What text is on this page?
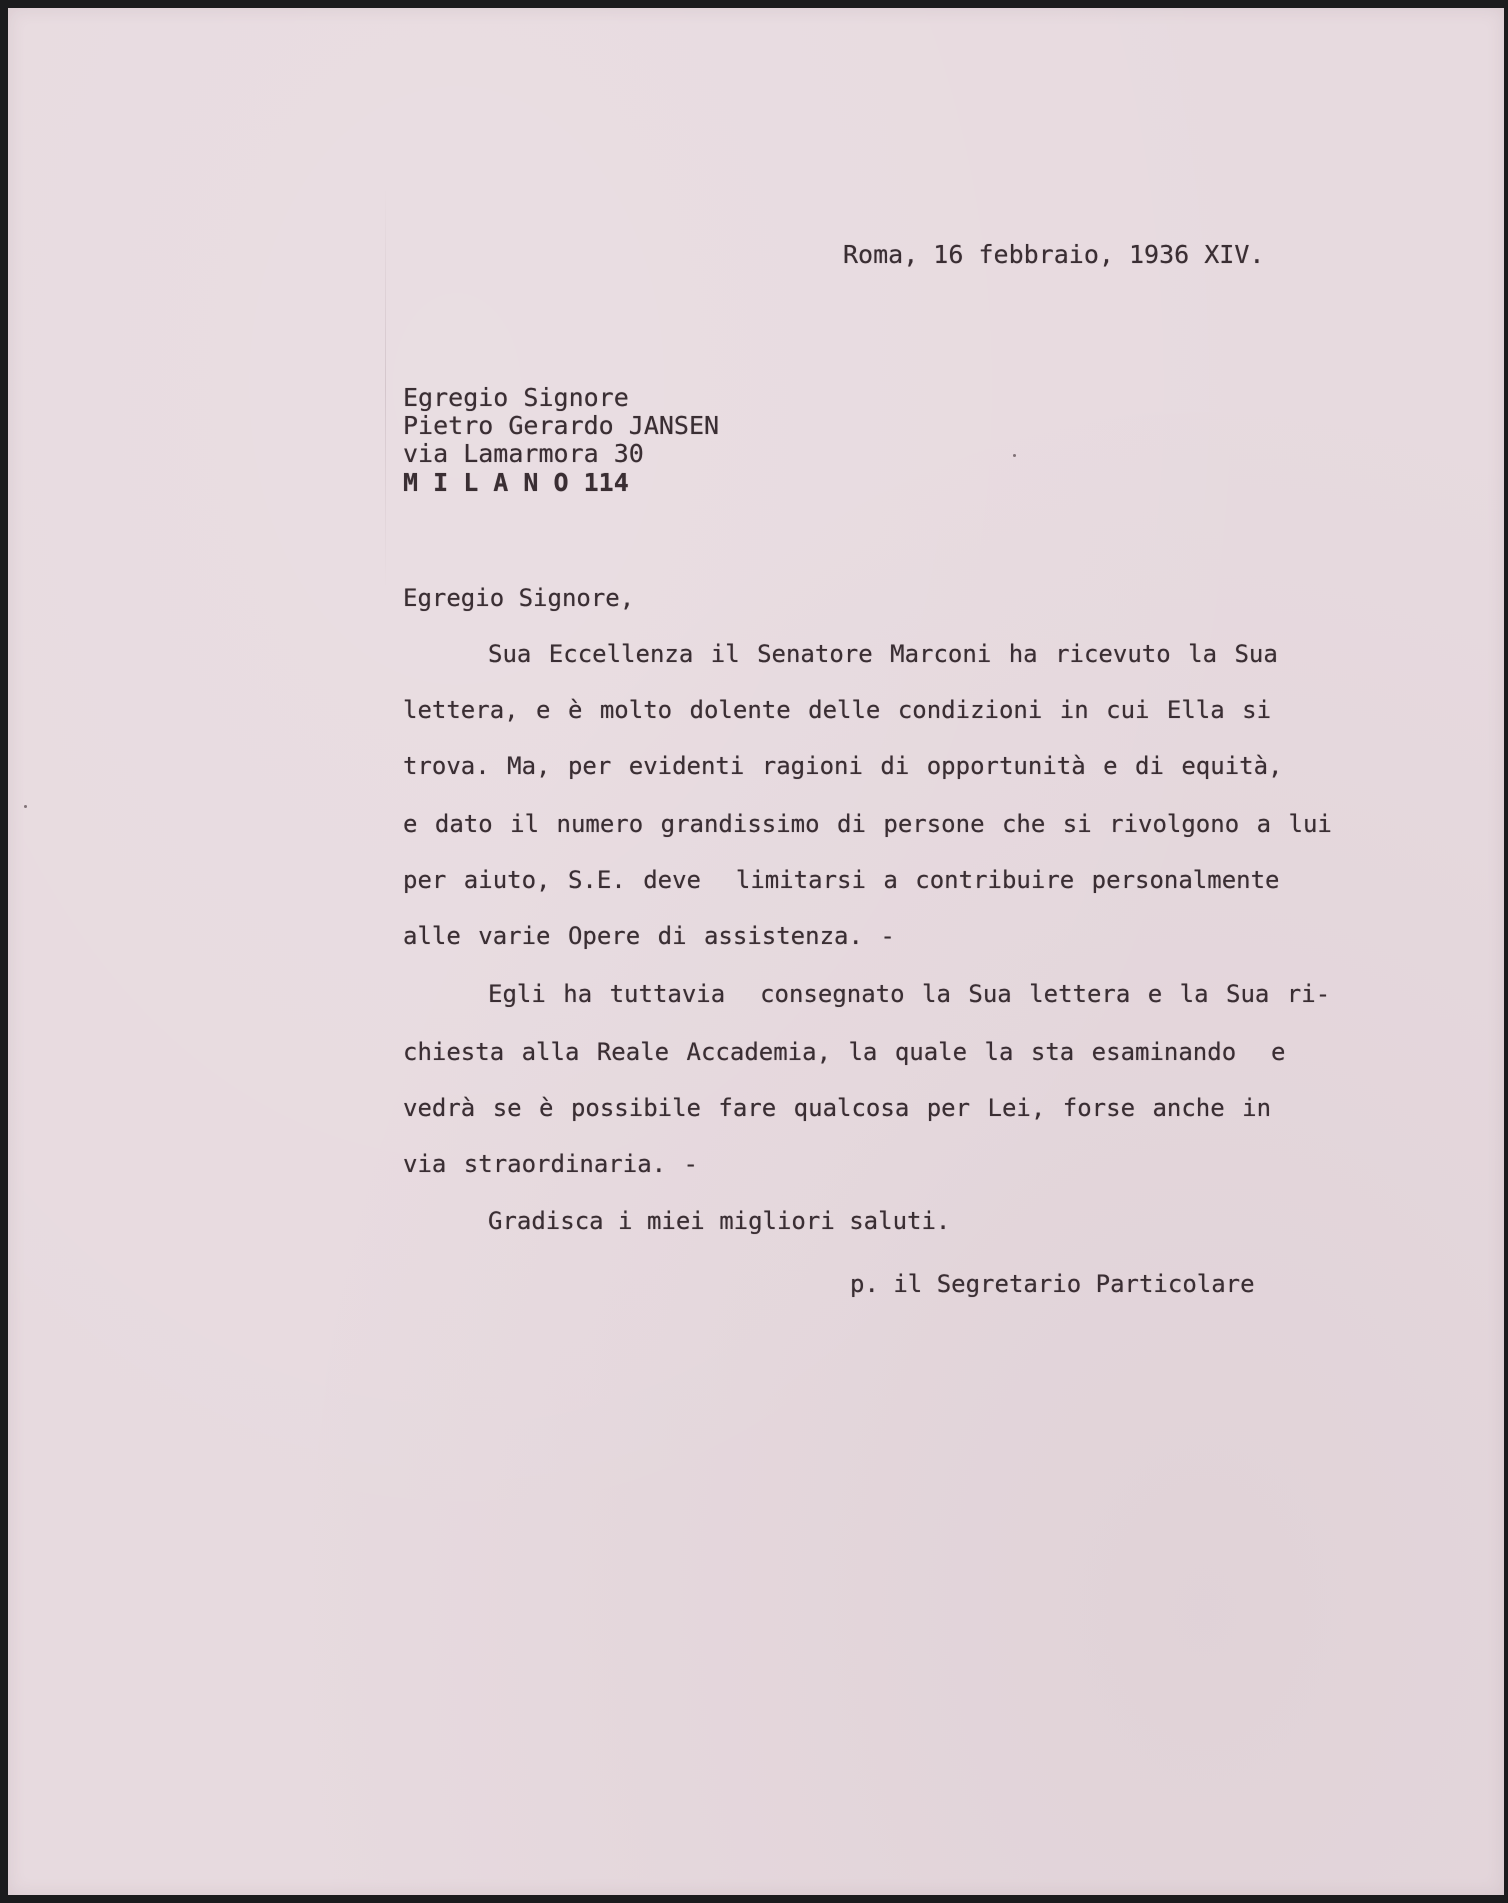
Roma, 16 febbraio, 1936 XIV.
Egregio Signore
Pietro Gerardo JANSEN
via Lamarmora 30
M I L A N O 114
Egregio Signore,
Sua Eccellenza il Senatore Marconi ha ricevuto la Sua
lettera, e è molto dolente delle condizioni in cui Ella si
trova. Ma, per evidenti ragioni di opportunità e di equità,
e dato il numero grandissimo di persone che si rivolgono a lui
per aiuto, S.E. deve  limitarsi a contribuire personalmente
alle varie Opere di assistenza. -
Egli ha tuttavia  consegnato la Sua lettera e la Sua ri-
chiesta alla Reale Accademia, la quale la sta esaminando  e
vedrà se è possibile fare qualcosa per Lei, forse anche in
via straordinaria. -
Gradisca i miei migliori saluti.
p. il Segretario Particolare
